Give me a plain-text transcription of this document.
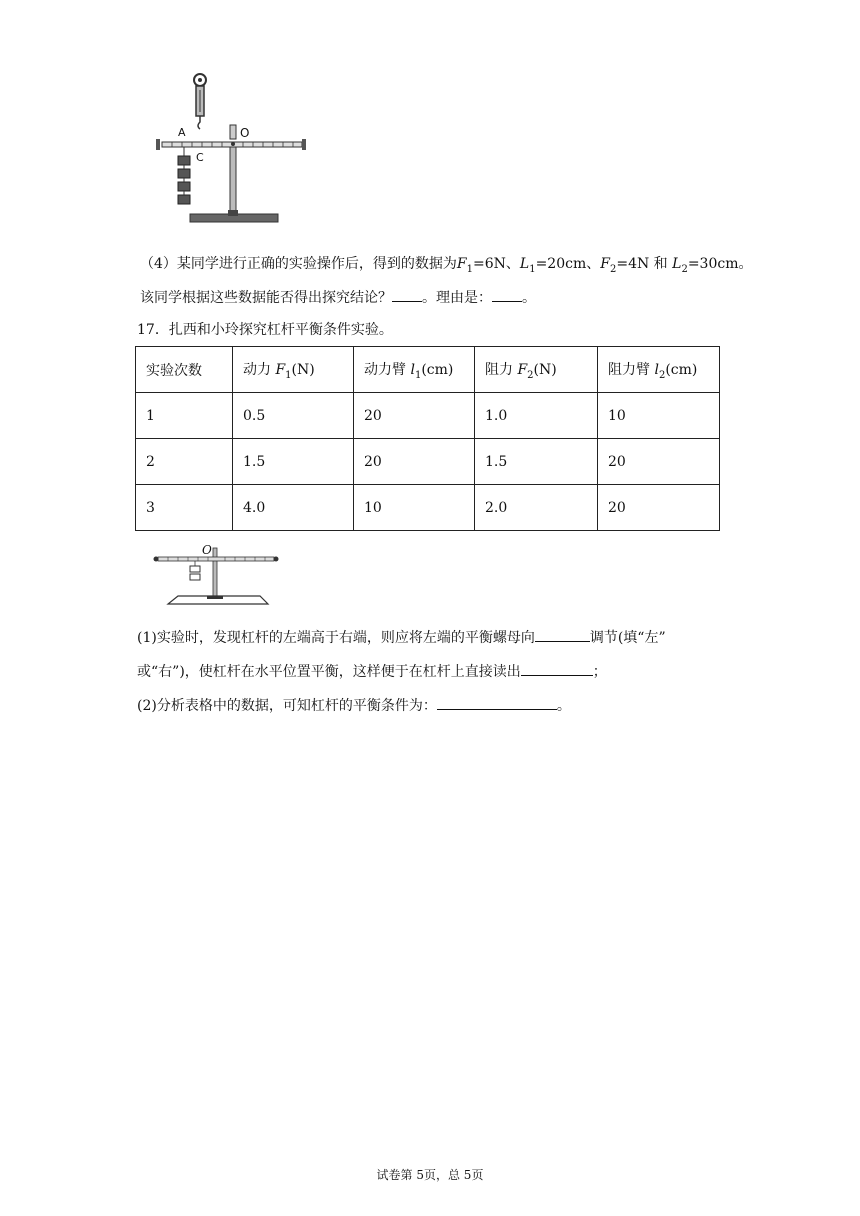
A
C
O
（4）某同学进行正确的实验操作后，得到的数据为$F_1=6N$、$L_1=20cm$、$F_2=4N$ 和 $L_2=30cm$。
该同学根据这些数据能否得出探究结论？ 。理由是： 。
17．扎西和小玲探究杠杆平衡条件实验。
实验次数	动力 $F_1(N)$	动力臂 $l_1(cm)$	阻力 $F_2(N)$	阻力臂 $l_2(cm)$
1	0.5	20	1.0	10
2	1.5	20	1.5	20
3	4.0	10	2.0	20
O
(1)实验时，发现杠杆的左端高于右端，则应将左端的平衡螺母向	调节(填“左”
或“右”)，使杠杆在水平位置平衡，这样便于在杠杆上直接读出	；
(2)分析表格中的数据，可知杠杆的平衡条件为：	。
试卷第 5页，总 5页
